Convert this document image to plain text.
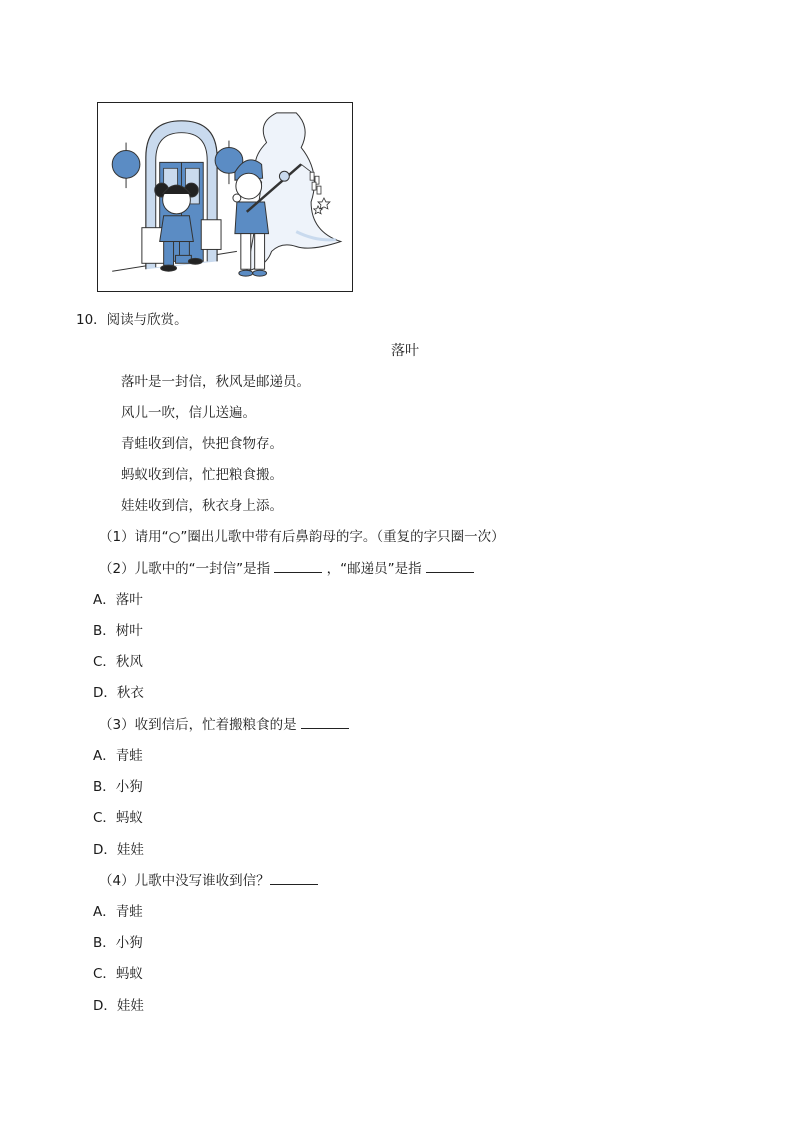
10．阅读与欣赏。
落叶
落叶是一封信，秋风是邮递员。
风儿一吹，信儿送遍。
青蛙收到信，快把食物存。
蚂蚁收到信，忙把粮食搬。
娃娃收到信，秋衣身上添。
（1）请用“○”圈出儿歌中带有后鼻韵母的字。（重复的字只圈一次）
（2）儿歌中的“一封信”是指	，“邮递员”是指
A．落叶
B．树叶
C．秋风
D．秋衣
（3）收到信后，忙着搬粮食的是
A．青蛙
B．小狗
C．蚂蚁
D．娃娃
（4）儿歌中没写谁收到信？
A．青蛙
B．小狗
C．蚂蚁
D．娃娃
